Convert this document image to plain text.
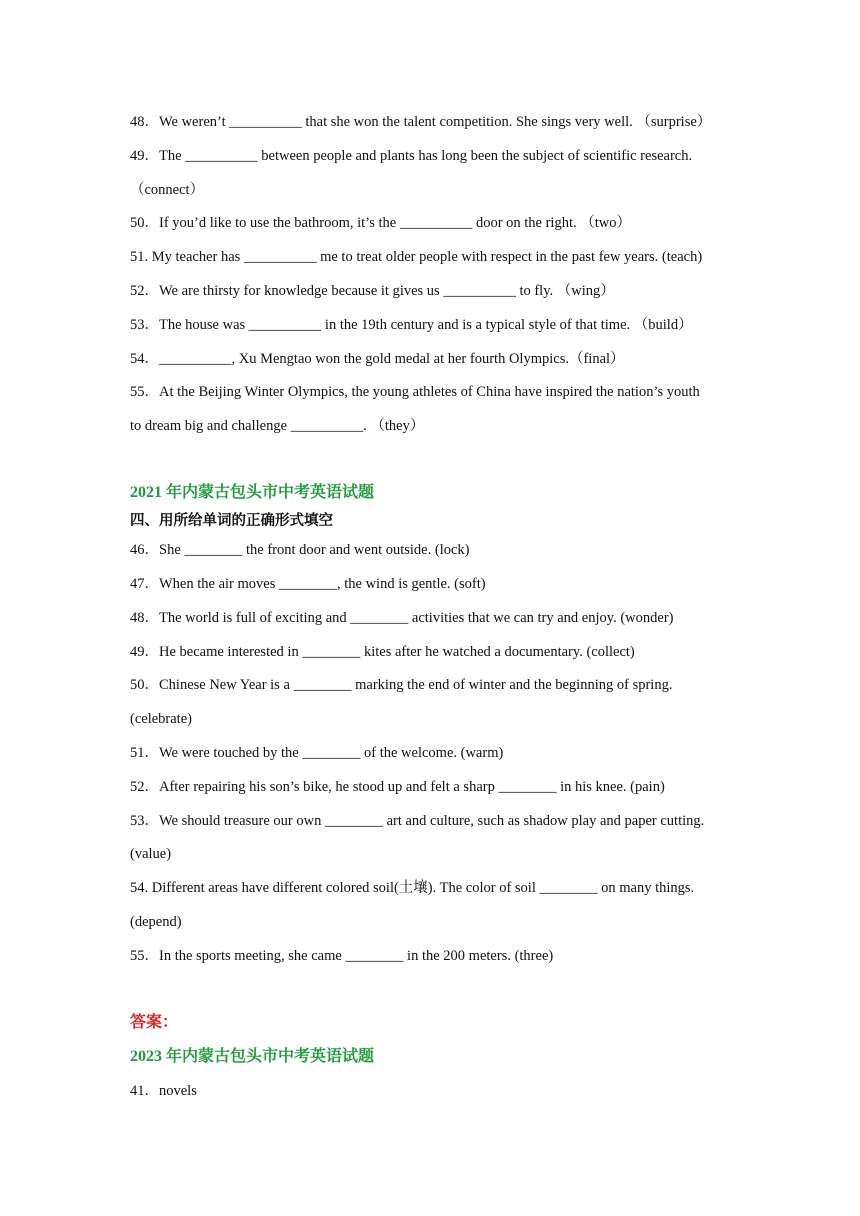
48．We weren’t __________ that she won the talent competition. She sings very well. （surprise）
49．The __________ between people and plants has long been the subject of scientific research.
（connect）
50．If you’d like to use the bathroom, it’s the __________ door on the right. （two）
51. My teacher has __________ me to treat older people with respect in the past few years. (teach)
52．We are thirsty for knowledge because it gives us __________ to fly. （wing）
53．The house was __________ in the 19th century and is a typical style of that time. （build）
54．__________, Xu Mengtao won the gold medal at her fourth Olympics.（final）
55．At the Beijing Winter Olympics, the young athletes of China have inspired the nation’s youth
to dream big and challenge __________. （they）
2021 年内蒙古包头市中考英语试题
四、用所给单词的正确形式填空
46．She ________ the front door and went outside. (lock)
47．When the air moves ________, the wind is gentle. (soft)
48．The world is full of exciting and ________ activities that we can try and enjoy. (wonder)
49．He became interested in ________ kites after he watched a documentary. (collect)
50．Chinese New Year is a ________ marking the end of winter and the beginning of spring.
(celebrate)
51．We were touched by the ________ of the welcome. (warm)
52．After repairing his son’s bike, he stood up and felt a sharp ________ in his knee. (pain)
53．We should treasure our own ________ art and culture, such as shadow play and paper cutting.
(value)
54. Different areas have different colored soil(土壤). The color of soil ________ on many things.
(depend)
55．In the sports meeting, she came ________ in the 200 meters. (three)
答案：
2023 年内蒙古包头市中考英语试题
41．novels
